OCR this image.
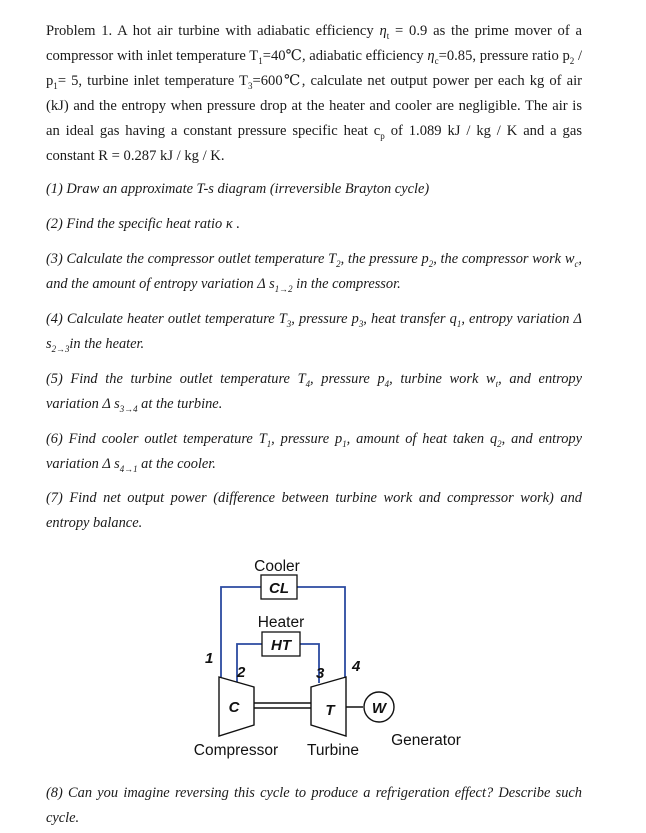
Problem 1. A hot air turbine with adiabatic efficiency $\eta_t = 0.9$ as the prime mover of a compressor with inlet temperature $T_1=40℃$, adiabatic efficiency $\eta_c=0.85$, pressure ratio $p_2 / p_1= 5$, turbine inlet temperature $T_3=600℃$, calculate net output power per each kg of air (kJ) and the entropy when pressure drop at the heater and cooler are negligible. The air is an ideal gas having a constant pressure specific heat $c_p$ of 1.089 kJ / kg / K and a gas constant R = 0.287 kJ / kg / K.
(1) Draw an approximate T-s diagram (irreversible Brayton cycle)
(2) Find the specific heat ratio κ .
(3) Calculate the compressor outlet temperature $T_2$, the pressure $p_2$, the compressor work $w_c$, and the amount of entropy variation Δ $s_{1\to 2}$ in the compressor.
(4) Calculate heater outlet temperature $T_3$, pressure $p_3$, heat transfer $q_1$, entropy variation Δ $s_{2\to 3}in$ the heater.
(5) Find the turbine outlet temperature $T_4$, pressure $p_4$, turbine work $w_t$, and entropy variation Δ $s_{3\to 4}$ at the turbine.
(6) Find cooler outlet temperature $T_1$, pressure $p_1$, amount of heat taken $q_2$, and entropy variation Δ $s_{4\to 1}$ at the cooler.
(7) Find net output power (difference between turbine work and compressor work) and entropy balance.
Cooler
CL
Heater
HT
1
2	3 4
C	T W
Compressor Turbine
Generator
(8) Can you imagine reversing this cycle to produce a refrigeration effect? Describe such cycle.
